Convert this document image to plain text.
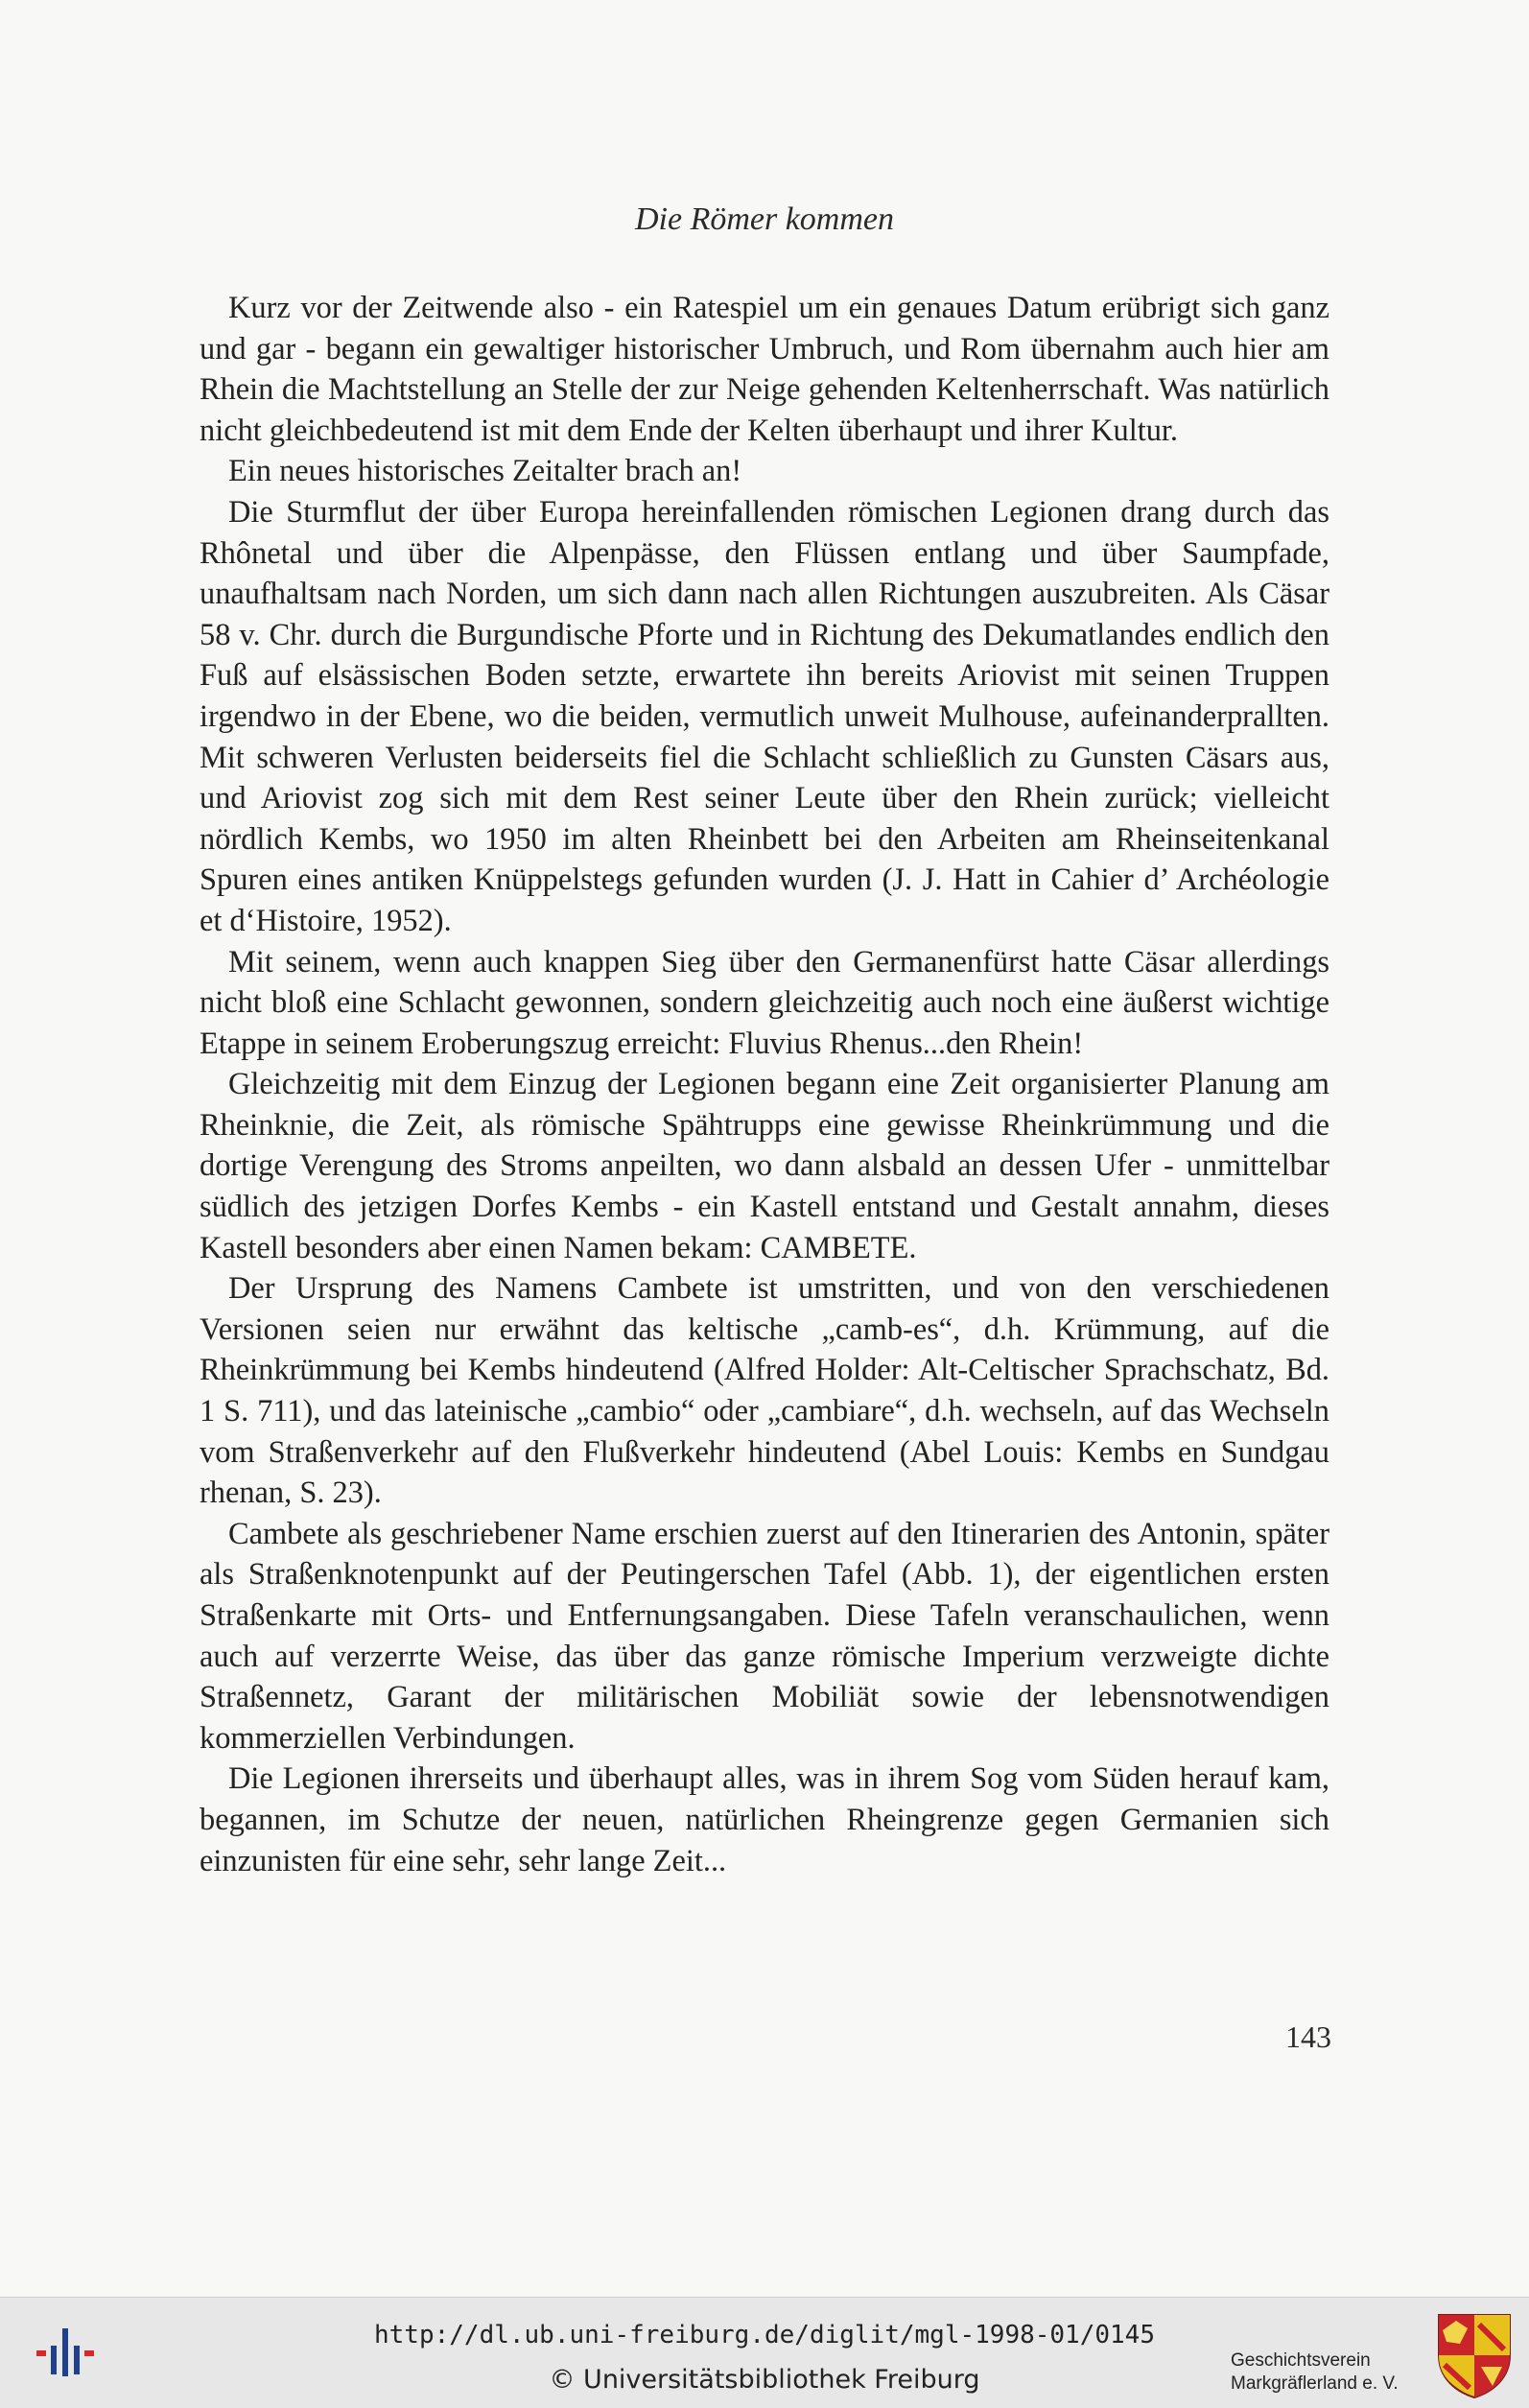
Die Römer kommen

Kurz vor der Zeitwende also - ein Ratespiel um ein genaues Datum erübrigt sich ganz und gar - begann ein gewaltiger historischer Umbruch, und Rom übernahm auch hier am Rhein die Machtstellung an Stelle der zur Neige gehenden Keltenherrschaft. Was natürlich nicht gleichbedeutend ist mit dem Ende der Kelten überhaupt und ihrer Kultur.

Ein neues historisches Zeitalter brach an!

Die Sturmflut der über Europa hereinfallenden römischen Legionen drang durch das Rhônetal und über die Alpenpässe, den Flüssen entlang und über Saumpfade, unaufhaltsam nach Norden, um sich dann nach allen Richtungen auszubreiten. Als Cäsar 58 v. Chr. durch die Burgundische Pforte und in Richtung des Dekumatlandes endlich den Fuß auf elsässischen Boden setzte, erwartete ihn bereits Ariovist mit seinen Truppen irgendwo in der Ebene, wo die beiden, vermutlich unweit Mulhouse, aufeinanderprallten. Mit schweren Verlusten beiderseits fiel die Schlacht schließlich zu Gunsten Cäsars aus, und Ariovist zog sich mit dem Rest seiner Leute über den Rhein zurück; vielleicht nördlich Kembs, wo 1950 im alten Rheinbett bei den Arbeiten am Rheinseitenkanal Spuren eines antiken Knüppelstegs gefunden wurden (J. J. Hatt in Cahier d’ Archéologie et d‘Histoire, 1952).

Mit seinem, wenn auch knappen Sieg über den Germanenfürst hatte Cäsar allerdings nicht bloß eine Schlacht gewonnen, sondern gleichzeitig auch noch eine äußerst wichtige Etappe in seinem Eroberungszug erreicht: Fluvius Rhenus...den Rhein!

Gleichzeitig mit dem Einzug der Legionen begann eine Zeit organisierter Planung am Rheinknie, die Zeit, als römische Spähtrupps eine gewisse Rheinkrümmung und die dortige Verengung des Stroms anpeilten, wo dann alsbald an dessen Ufer - unmittelbar südlich des jetzigen Dorfes Kembs - ein Kastell entstand und Gestalt annahm, dieses Kastell besonders aber einen Namen bekam: CAMBETE.

Der Ursprung des Namens Cambete ist umstritten, und von den verschiedenen Versionen seien nur erwähnt das keltische „camb-es“, d.h. Krümmung, auf die Rheinkrümmung bei Kembs hindeutend (Alfred Holder: Alt-Celtischer Sprachschatz, Bd. 1 S. 711), und das lateinische „cambio“ oder „cambiare“, d.h. wechseln, auf das Wechseln vom Straßenverkehr auf den Flußverkehr hindeutend (Abel Louis: Kembs en Sundgau rhenan, S. 23).

Cambete als geschriebener Name erschien zuerst auf den Itinerarien des Antonin, später als Straßenknotenpunkt auf der Peutingerschen Tafel (Abb. 1), der eigentlichen ersten Straßenkarte mit Orts- und Entfernungsangaben. Diese Tafeln veranschaulichen, wenn auch auf verzerrte Weise, das über das ganze römische Imperium verzweigte dichte Straßennetz, Garant der militärischen Mobiliät sowie der lebensnotwendigen kommerziellen Verbindungen.

Die Legionen ihrerseits und überhaupt alles, was in ihrem Sog vom Süden herauf kam, begannen, im Schutze der neuen, natürlichen Rheingrenze gegen Germanien sich einzunisten für eine sehr, sehr lange Zeit...

143
http://dl.ub.uni-freiburg.de/diglit/mgl-1998-01/0145
© Universitätsbibliothek Freiburg
Geschichtsverein
Markgräflerland e. V.
